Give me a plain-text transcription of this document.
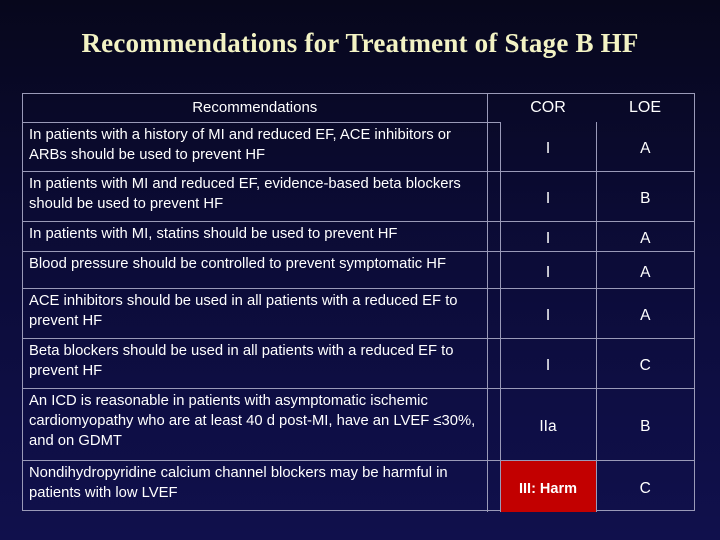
Recommendations for Treatment of Stage B HF
Recommendations		COR	LOE
In patients with a history of MI and reduced EF, ACE inhibitors or ARBs should be used to prevent HF		I	A
In patients with MI and reduced EF, evidence-based beta blockers should be used to prevent HF		I	B
In patients with MI, statins should be used to prevent HF		I	A
Blood pressure should be controlled to prevent symptomatic HF		I	A
ACE inhibitors should be used in all patients with a reduced EF to prevent HF		I	A
Beta blockers should be used in all patients with a reduced EF to prevent HF		I	C
An ICD is reasonable in patients with asymptomatic ischemic cardiomyopathy who are at least 40 d post-MI, have an LVEF ≤30%, and on GDMT		IIa	B
Nondihydropyridine calcium channel blockers may be harmful in patients with low LVEF		III: Harm	C
